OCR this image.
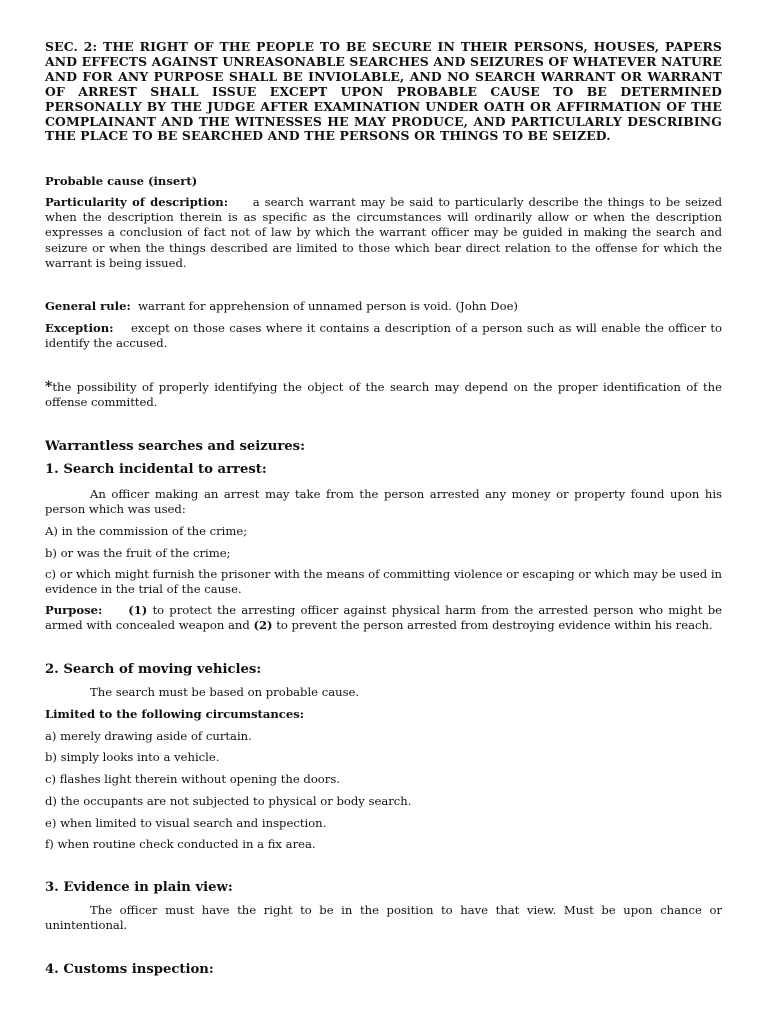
SEC. 2: THE RIGHT OF THE PEOPLE TO BE SECURE IN THEIR PERSONS, HOUSES, PAPERS AND EFFECTS AGAINST UNREASONABLE SEARCHES AND SEIZURES OF WHATEVER NATURE AND FOR ANY PURPOSE SHALL BE INVIOLABLE, AND NO SEARCH WARRANT OR WARRANT OF ARREST SHALL ISSUE EXCEPT UPON PROBABLE CAUSE TO BE DETERMINED PERSONALLY BY THE JUDGE AFTER EXAMINATION UNDER OATH OR AFFIRMATION OF THE COMPLAINANT AND THE WITNESSES HE MAY PRODUCE, AND PARTICULARLY DESCRIBING THE PLACE TO BE SEARCHED AND THE PERSONS OR THINGS TO BE SEIZED.

Probable cause (insert)

Particularity of description: a search warrant may be said to particularly describe the things to be seized when the description therein is as specific as the circumstances will ordinarily allow or when the description expresses a conclusion of fact not of law by which the warrant officer may be guided in making the search and seizure or when the things described are limited to those which bear direct relation to the offense for which the warrant is being issued.

General rule: warrant for apprehension of unnamed person is void. (John Doe)

Exception: except on those cases where it contains a description of a person such as will enable the officer to identify the accused.

*the possibility of properly identifying the object of the search may depend on the proper identification of the offense committed.

Warrantless searches and seizures:

1. Search incidental to arrest:

An officer making an arrest may take from the person arrested any money or property found upon his person which was used:

A) in the commission of the crime;

b) or was the fruit of the crime;

c) or which might furnish the prisoner with the means of committing violence or escaping or which may be used in evidence in the trial of the cause.

Purpose: (1) to protect the arresting officer against physical harm from the arrested person who might be armed with concealed weapon and (2) to prevent the person arrested from destroying evidence within his reach.

2. Search of moving vehicles:

The search must be based on probable cause.

Limited to the following circumstances:

a) merely drawing aside of curtain.

b) simply looks into a vehicle.

c) flashes light therein without opening the doors.

d) the occupants are not subjected to physical or body search.

e) when limited to visual search and inspection.

f) when routine check conducted in a fix area.

3. Evidence in plain view:

The officer must have the right to be in the position to have that view. Must be upon chance or unintentional.

4. Customs inspection:
